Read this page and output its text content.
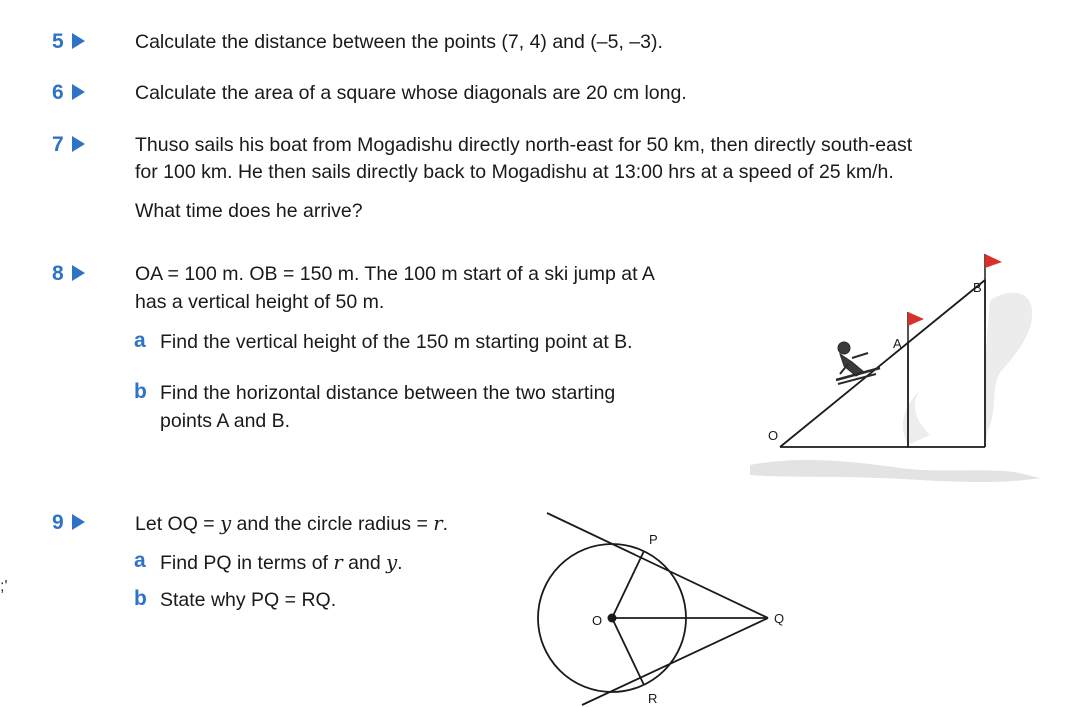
5	Calculate the distance between the points (7, 4) and (–5, –3).
6	Calculate the area of a square whose diagonals are 20 cm long.
7	Thuso sails his boat from Mogadishu directly north-east for 50 km, then directly south-east
for 100 km. He then sails directly back to Mogadishu at 13:00 hrs at a speed of 25 km/h.
What time does he arrive?
8	OA = 100 m. OB = 150 m. The 100 m start of a ski jump at A
has a vertical height of 50 m.
a Find the vertical height of the 150 m starting point at B.
b Find the horizontal distance between the two starting
points A and B.
O
A
B
9	Let OQ = y and the circle radius = r.
a Find PQ in terms of r and y.
b State why PQ = RQ.
;'
O
P
Q
R
